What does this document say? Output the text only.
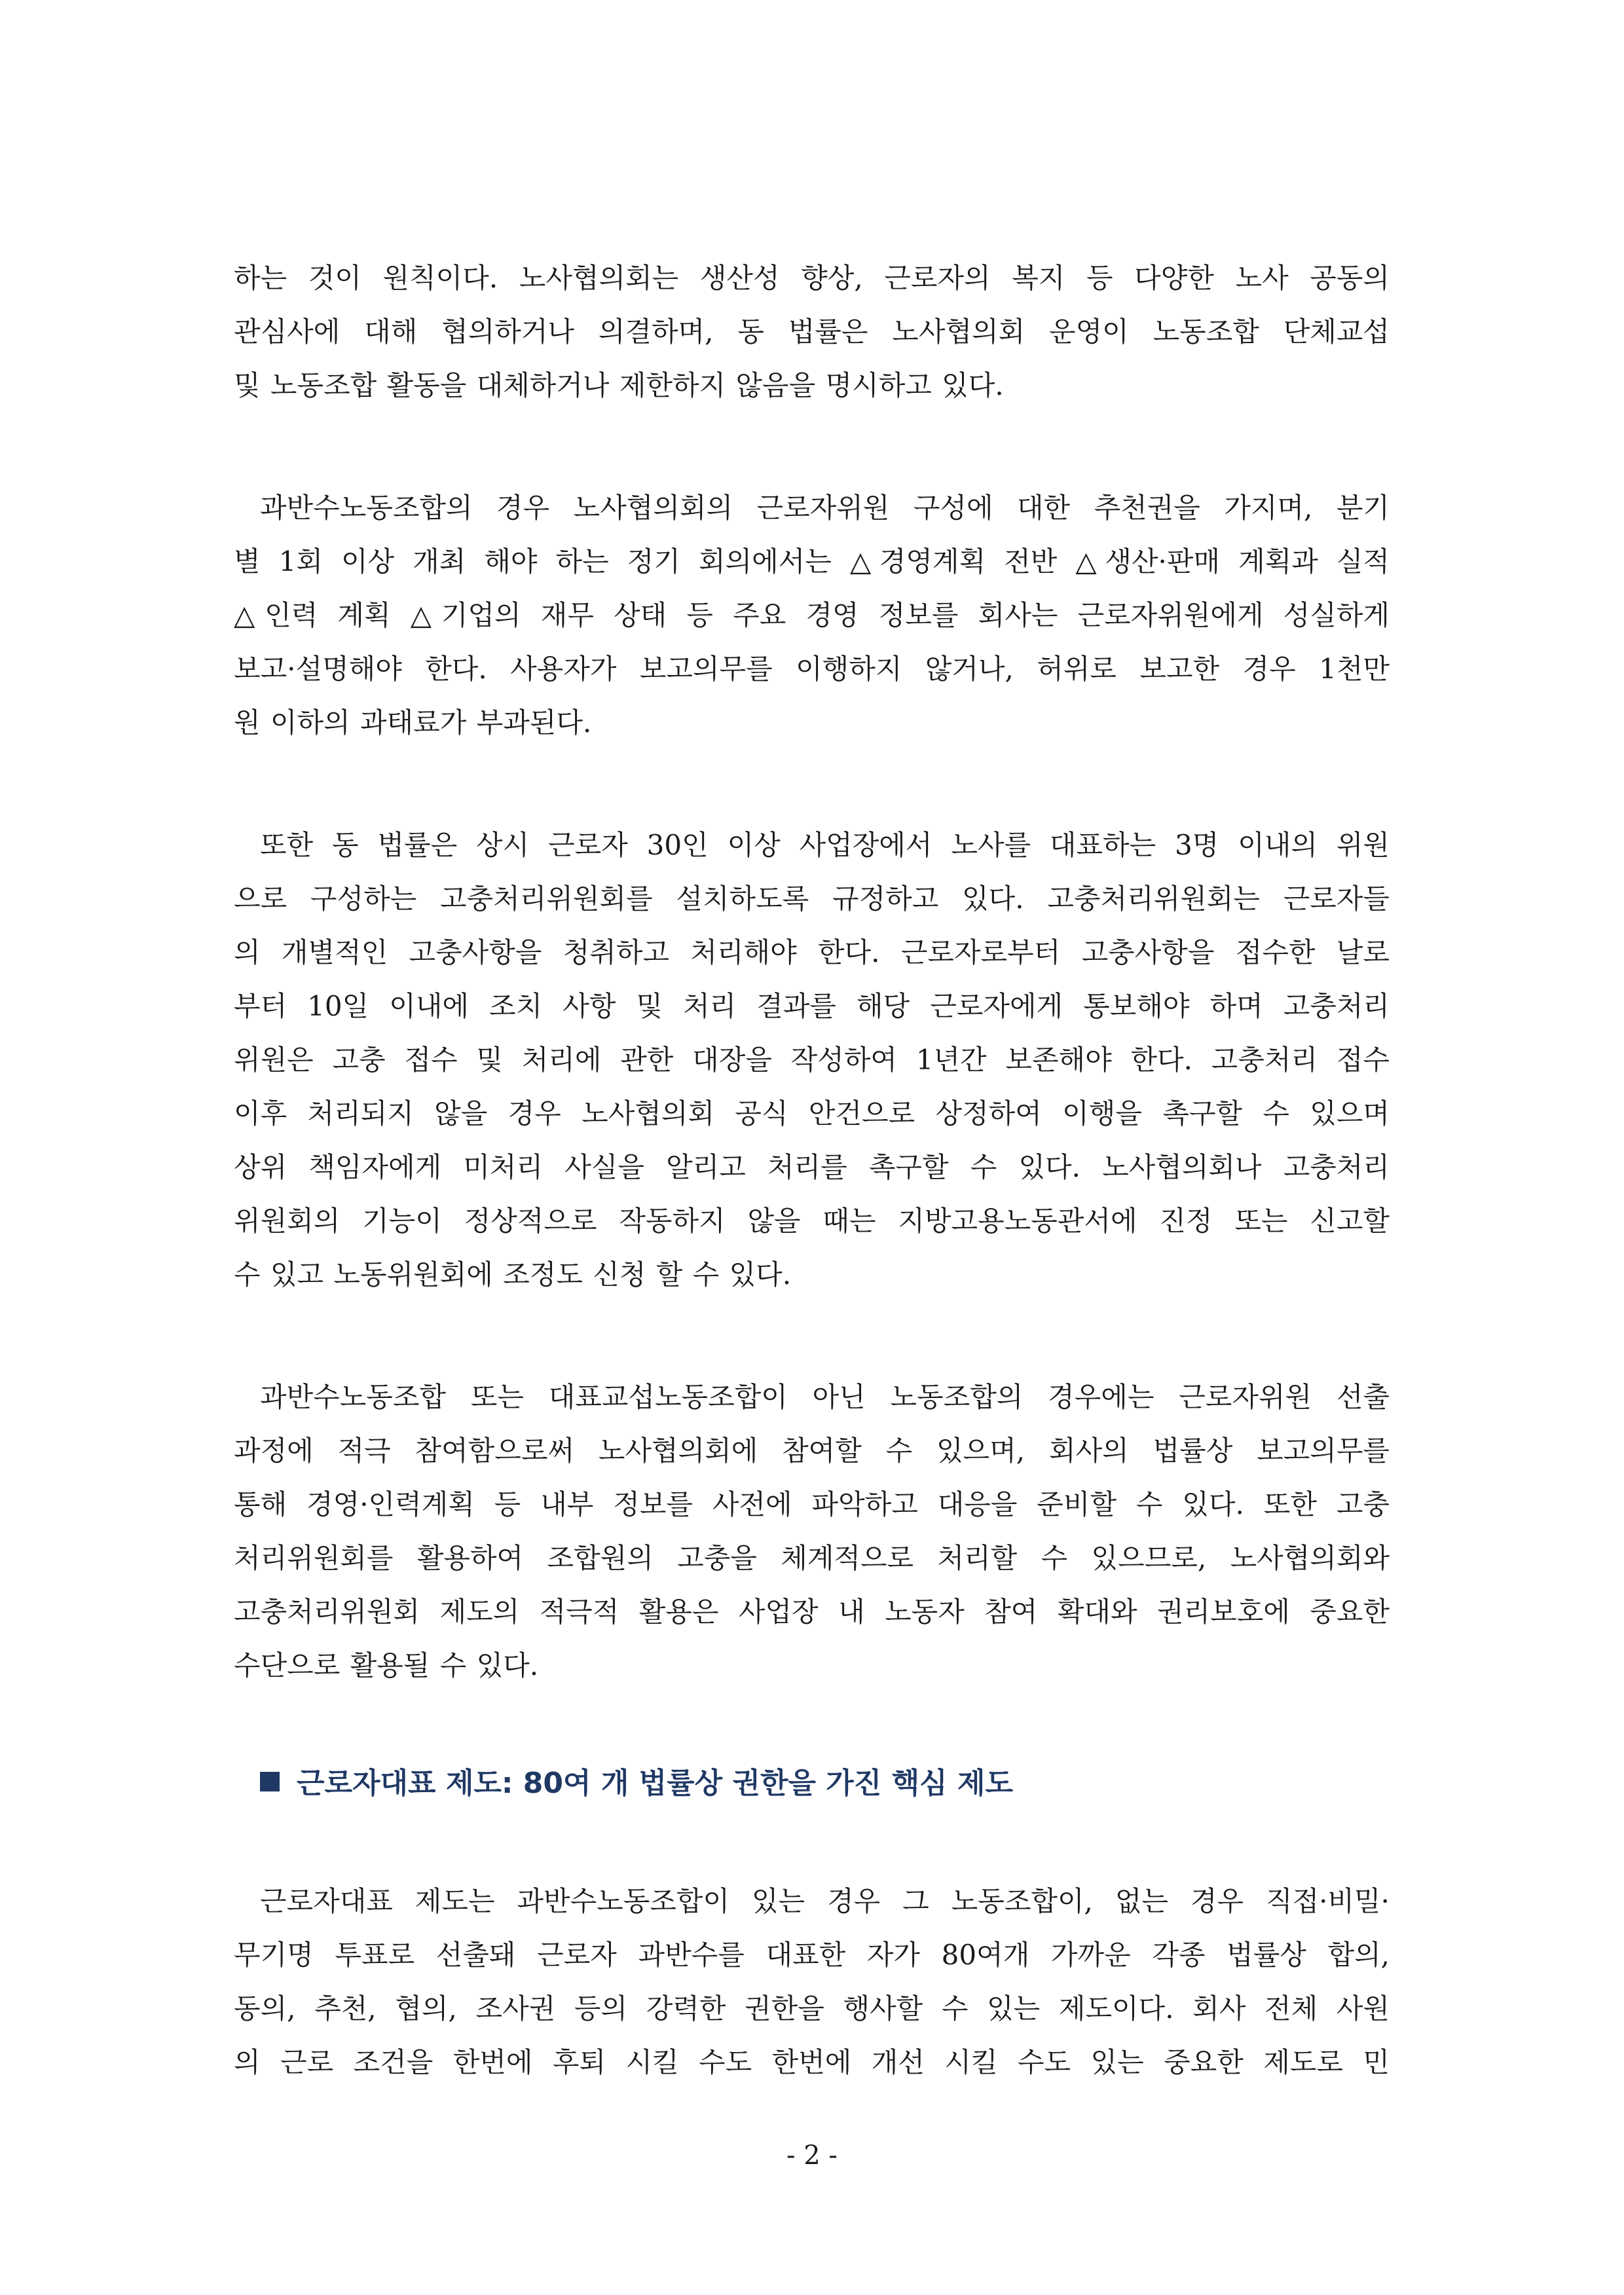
하는 것이 원칙이다. 노사협의회는 생산성 향상, 근로자의 복지 등 다양한 노사 공동의
관심사에 대해 협의하거나 의결하며, 동 법률은 노사협의회 운영이 노동조합 단체교섭
및 노동조합 활동을 대체하거나 제한하지 않음을 명시하고 있다.

과반수노동조합의 경우 노사협의회의 근로자위원 구성에 대한 추천권을 가지며, 분기
별 1회 이상 개최 해야 하는 정기 회의에서는 △경영계획 전반 △생산·판매 계획과 실적
△인력 계획 △기업의 재무 상태 등 주요 경영 정보를 회사는 근로자위원에게 성실하게
보고·설명해야 한다. 사용자가 보고의무를 이행하지 않거나, 허위로 보고한 경우 1천만
원 이하의 과태료가 부과된다.

또한 동 법률은 상시 근로자 30인 이상 사업장에서 노사를 대표하는 3명 이내의 위원
으로 구성하는 고충처리위원회를 설치하도록 규정하고 있다. 고충처리위원회는 근로자들
의 개별적인 고충사항을 청취하고 처리해야 한다. 근로자로부터 고충사항을 접수한 날로
부터 10일 이내에 조치 사항 및 처리 결과를 해당 근로자에게 통보해야 하며 고충처리
위원은 고충 접수 및 처리에 관한 대장을 작성하여 1년간 보존해야 한다. 고충처리 접수
이후 처리되지 않을 경우 노사협의회 공식 안건으로 상정하여 이행을 촉구할 수 있으며
상위 책임자에게 미처리 사실을 알리고 처리를 촉구할 수 있다. 노사협의회나 고충처리
위원회의 기능이 정상적으로 작동하지 않을 때는 지방고용노동관서에 진정 또는 신고할
수 있고 노동위원회에 조정도 신청 할 수 있다.

과반수노동조합 또는 대표교섭노동조합이 아닌 노동조합의 경우에는 근로자위원 선출
과정에 적극 참여함으로써 노사협의회에 참여할 수 있으며, 회사의 법률상 보고의무를
통해 경영·인력계획 등 내부 정보를 사전에 파악하고 대응을 준비할 수 있다. 또한 고충
처리위원회를 활용하여 조합원의 고충을 체계적으로 처리할 수 있으므로, 노사협의회와
고충처리위원회 제도의 적극적 활용은 사업장 내 노동자 참여 확대와 권리보호에 중요한
수단으로 활용될 수 있다.

근로자대표 제도: 80여 개 법률상 권한을 가진 핵심 제도

근로자대표 제도는 과반수노동조합이 있는 경우 그 노동조합이, 없는 경우 직접·비밀·
무기명 투표로 선출돼 근로자 과반수를 대표한 자가 80여개 가까운 각종 법률상 합의,
동의, 추천, 협의, 조사권 등의 강력한 권한을 행사할 수 있는 제도이다. 회사 전체 사원
의 근로 조건을 한번에 후퇴 시킬 수도 한번에 개선 시킬 수도 있는 중요한 제도로 민

- 2 -
